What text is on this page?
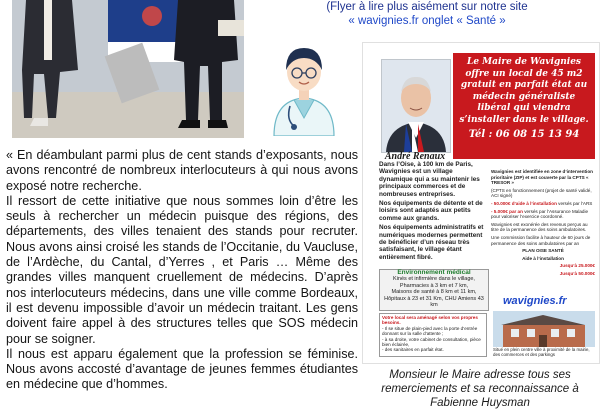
(Flyer à lire plus aisément sur notre site
« wavignies.fr onglet « Santé »

« En déambulant parmi plus de cent stands d’exposants, nous avons rencontré de nombreux interlocuteurs à qui nous avons exposé notre recherche.

Il ressort de cette initiative que nous sommes loin d’être les seuls à rechercher un médecin puisque des régions, des départements, des villes tenaient des stands pour recruter. Nous avons ainsi croisé les stands de l’Occitanie, du Vaucluse, de l’Ardèche, du Cantal, d’Yerres , et Paris … Même des grandes villes manquent cruellement de médecins. D’après nos interlocuteurs médecins, dans une ville comme Bordeaux, il est devenu impossible d’avoir un médecin traitant. Les gens doivent faire appel à des structures telles que SOS médecin pour se soigner.

Il nous est apparu également que la profession se féminise. Nous avons accosté d’avantage de jeunes femmes étudiantes en médecine que d’hommes.

André Renaux
Le Maire de Wavignies offre un local de 45 m2 gratuit en parfait état au médecin généraliste libéral qui viendra s’installer dans le village.
Tél : 06 08 15 13 94

Dans l’Oise, à 100 km de Paris, Wavignies est un village dynamique qui a su maintenir les principaux commerces et de nombreuses entreprises.

Nos équipements de détente et de loisirs sont adaptés aux petits comme aux grands.

Nos équipements administratifs et numériques modernes permettent de bénéficier d’un réseau très satisfaisant, le village étant entièrement fibré.

Environnement médical
Kinés et infirmière dans le village,
Pharmacies à 3 km et 7 km,
Maisons de santé à 8 km et 11 km,
Hôpitaux à 23 et 31 Km, CHU Amiens 43 km

Wavignies est identifiée en zone d’intervention prioritaire (ZIP) et est couverte par la CPTS « TRESOR »

(CPTS en fonctionnement (projet de santé validé, ACI signé)

- 50.000€ d’aide à l’installation versés par l’ARS

- 5.000€ par an versés par l’Assurance Maladie pour valoriser l’exercice coordonné.

Wavignies est exonérée des revenus perçus au titre de la permanence des soins ambulatoires.

Une commission facilite à hauteur de 60 jours de permanence des soins ambulatoires par an

PLAN OISE SANTÉ

Aide à l’installation

Jusqu’à 25.000€

Jusqu’à 50.000€

wavignies.fr
Votre local sera aménagé selon vos propres besoins.
- Il se situe de plain-pied avec la porte d’entrée donnant sur la salle d’attente ;
- à sa droite, votre cabinet de consultation, pièce bien éclairée,
- des sanitaires en parfait état.	Situé en plein centre ville à proximité de la mairie, des commerces et des parkings
Monsieur le Maire adresse tous ses remerciements et sa reconnaissance à Fabienne Huysman
